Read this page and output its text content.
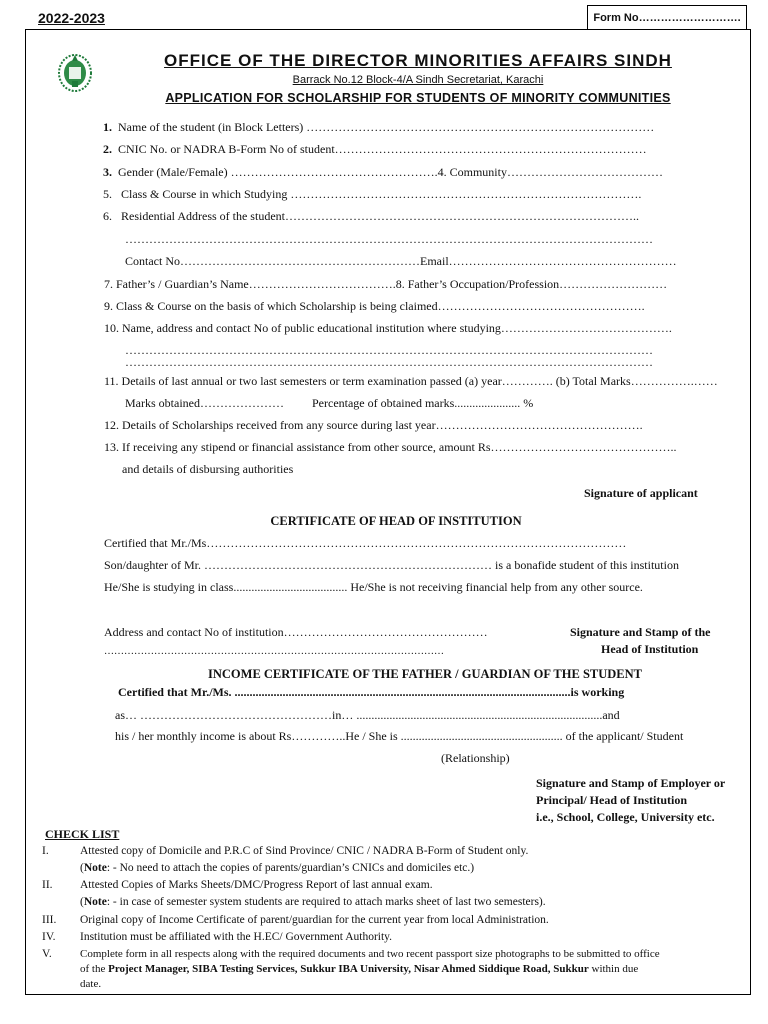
2022-2023	Form No……………………….
OFFICE OF THE DIRECTOR MINORITIES AFFAIRS SINDH
Barrack No.12 Block-4/A Sindh Secretariat, Karachi
APPLICATION FOR SCHOLARSHIP FOR STUDENTS OF MINORITY COMMUNITIES
1. Name of the student (in Block Letters) ……………………………………………………………………………
2. CNIC No. or NADRA B-Form No of student……………………………………………………………………
3. Gender (Male/Female) …………………………………………….4. Community…………………………………
5. Class & Course in which Studying …………………………………………………………………………….
6. Residential Address of the student……………………………………………………………………………..
……………………………………………………………………………………………………………………
Contact No……………………………………………………Email…………………………………………………
7. Father’s / Guardian’s Name……………………………….8. Father’s Occupation/Profession………………………
9. Class & Course on the basis of which Scholarship is being claimed…………………………………………….
10. Name, address and contact No of public educational institution where studying…………………………………….
……………………………………………………………………………………………………………………
……………………………………………………………………………………………………………………
11. Details of last annual or two last semesters or term examination passed (a) year…………. (b) Total Marks…………….……
Marks obtained………………… Percentage of obtained marks...................... %
12. Details of Scholarships received from any source during last year…………………………………………….
13. If receiving any stipend or financial assistance from other source, amount Rs………………………………………..
and details of disbursing authorities
Signature of applicant
CERTIFICATE OF HEAD OF INSTITUTION
Certified that Mr./Ms……………………………………………………………………………………………
Son/daughter of Mr. ……………………………………………………………… is a bonafide student of this institution
He/She is studying in class...................................... He/She is not receiving financial help from any other source.
Address and contact No of institution……………………………………………
…………………………………………………………………………………………
Signature and Stamp of the
Head of Institution
INCOME CERTIFICATE OF THE FATHER / GUARDIAN OF THE STUDENT
Certified that Mr./Ms. ................................................................................................................is working
as… …………………………………………in… ..................................................................................and
his / her monthly income is about Rs…………..He / She is ...................................................... of the applicant/ Student
(Relationship)
Signature and Stamp of Employer or
Principal/ Head of Institution
i.e., School, College, University etc.
CHECK LIST
I.	Attested copy of Domicile and P.R.C of Sind Province/ CNIC / NADRA B-Form of Student only.
(Note: - No need to attach the copies of parents/guardian’s CNICs and domiciles etc.)
II. Attested Copies of Marks Sheets/DMC/Progress Report of last annual exam.
(Note: - in case of semester system students are required to attach marks sheet of last two semesters).
III. Original copy of Income Certificate of parent/guardian for the current year from local Administration.
IV. Institution must be affiliated with the H.EC/ Government Authority.
V.	Complete form in all respects along with the required documents and two recent passport size photographs to be submitted to office
of the Project Manager, SIBA Testing Services, Sukkur IBA University, Nisar Ahmed Siddique Road, Sukkur within due
date.
